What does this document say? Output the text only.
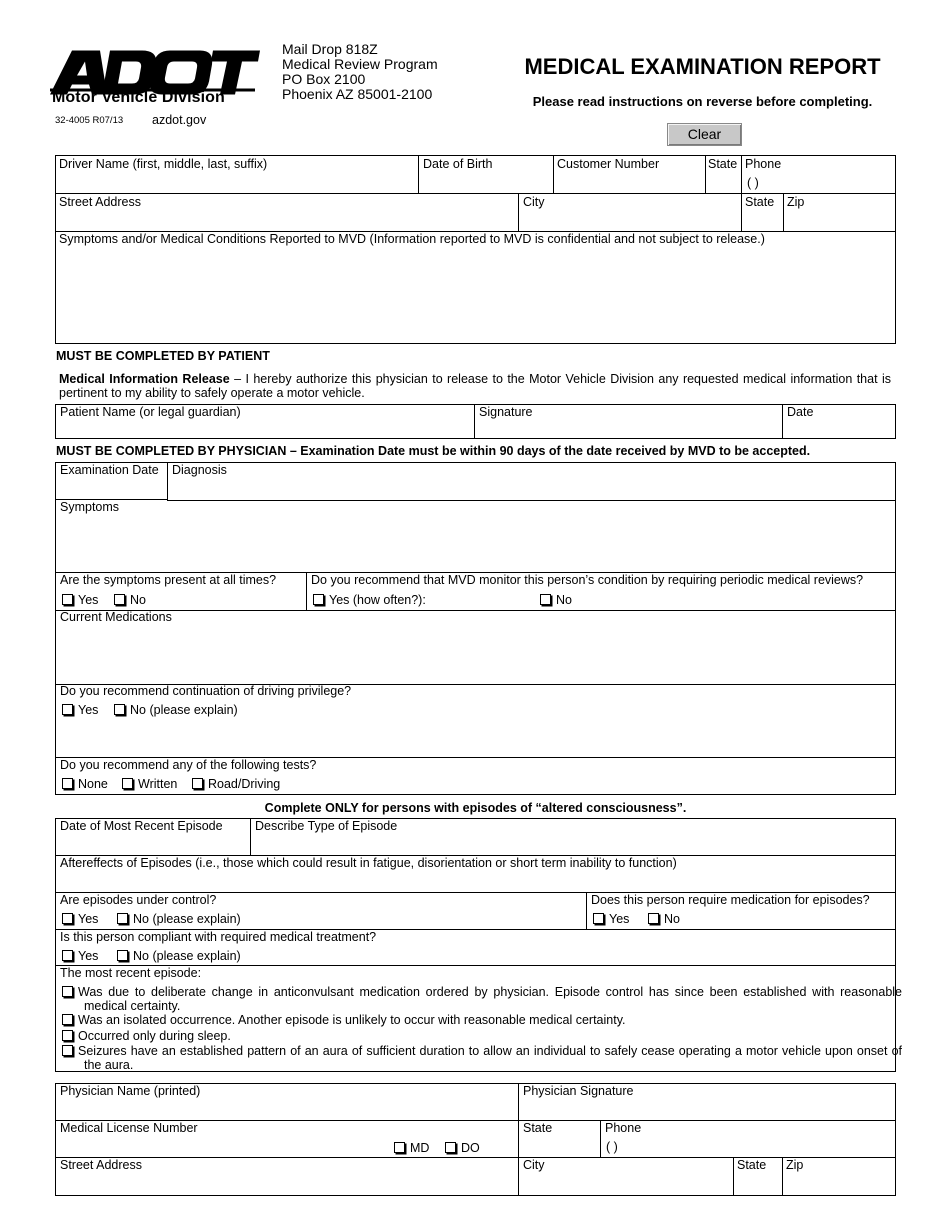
Motor Vehicle Division
32-4005 R07/13 azdot.gov
Mail Drop 818Z
Medical Review Program
PO Box 2100
Phoenix AZ 85001-2100
MEDICAL EXAMINATION REPORT
Please read instructions on reverse before completing.
Clear
Driver Name (first, middle, last, suffix)	Date of Birth	Customer Number	State Phone
( )
Street Address	City	State Zip
Symptoms and/or Medical Conditions Reported to MVD (Information reported to MVD is confidential and not subject to release.)
MUST BE COMPLETED BY PATIENT
Medical Information Release – I hereby authorize this physician to release to the Motor Vehicle Division any requested medical information that is pertinent to my ability to safely operate a motor vehicle.
Patient Name (or legal guardian)	Signature	Date
MUST BE COMPLETED BY PHYSICIAN – Examination Date must be within 90 days of the date received by MVD to be accepted.
Examination Date Diagnosis
Symptoms
Are the symptoms present at all times?
Yes	No
Do you recommend that MVD monitor this person’s condition by requiring periodic medical reviews?
Yes (how often?):	No
Current Medications
Do you recommend continuation of driving privilege?
Yes	No (please explain)
Do you recommend any of the following tests?
None	Written	Road/Driving
Complete ONLY for persons with episodes of “altered consciousness”.
Date of Most Recent Episode	Describe Type of Episode
Aftereffects of Episodes (i.e., those which could result in fatigue, disorientation or short term inability to function)
Are episodes under control?
Yes	No (please explain)
Does this person require medication for episodes?
Yes	No
Is this person compliant with required medical treatment?
Yes	No (please explain)
The most recent episode:
Was due to deliberate change in anticonvulsant medication ordered by physician. Episode control has since been established with reasonable medical certainty.
Was an isolated occurrence. Another episode is unlikely to occur with reasonable medical certainty.
Occurred only during sleep.
Seizures have an established pattern of an aura of sufficient duration to allow an individual to safely cease operating a motor vehicle upon onset of the aura.
Physician Name (printed)	Physician Signature
Medical License Number
MD	DO
State	Phone
( )
Street Address	City	State Zip
